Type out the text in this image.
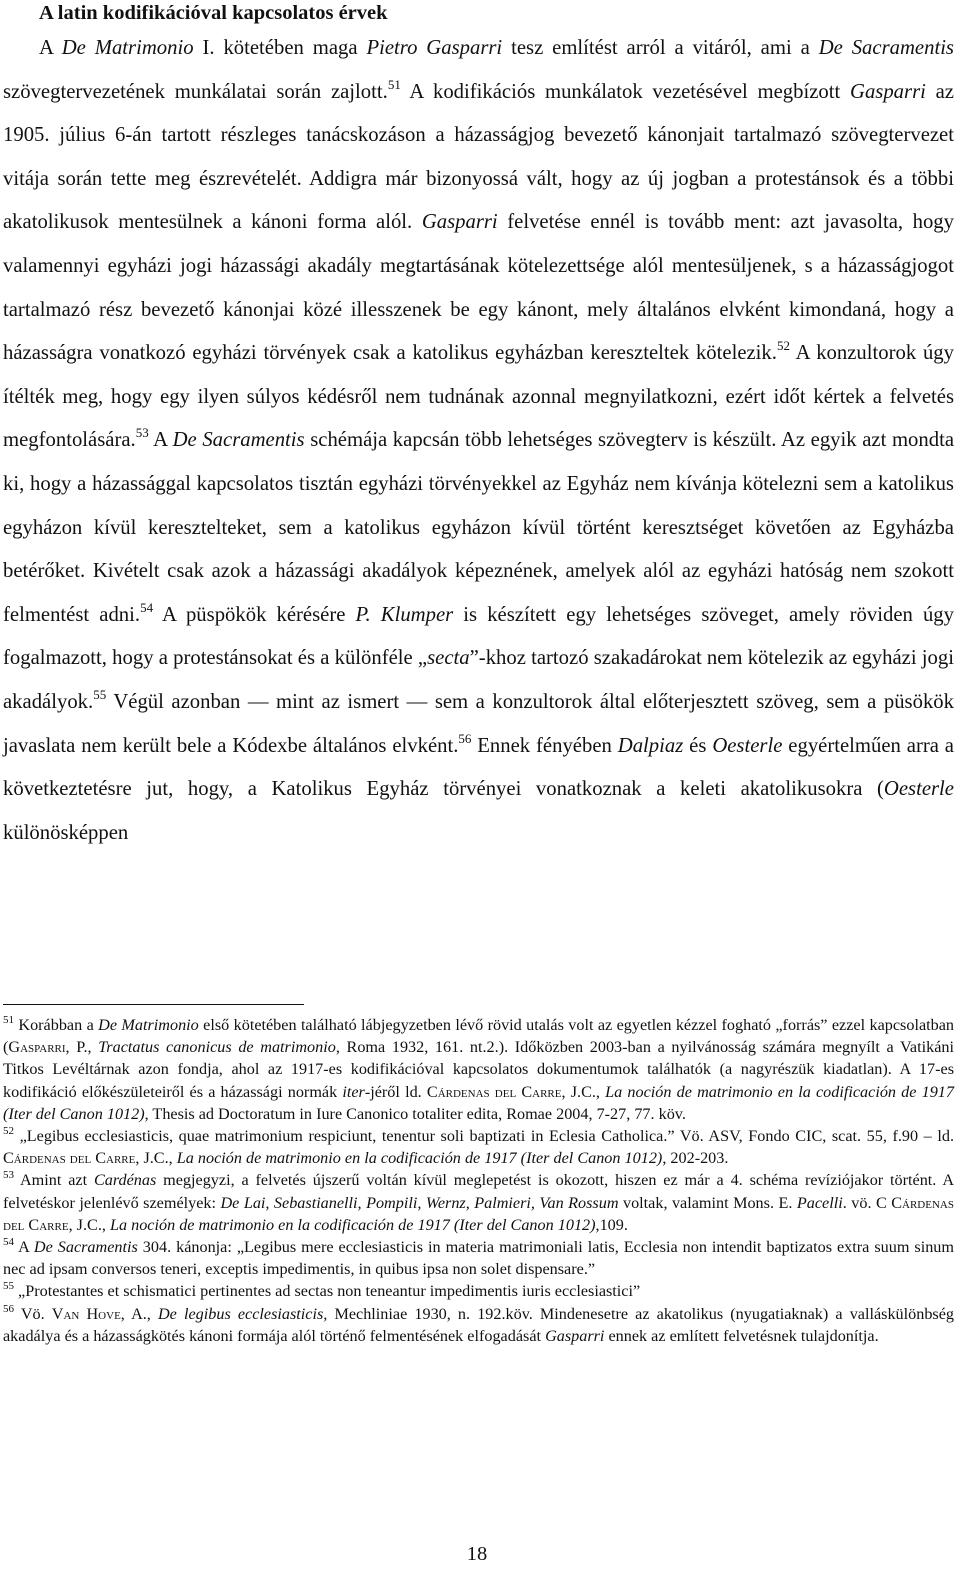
A latin kodifikációval kapcsolatos érvek

A De Matrimonio I. kötetében maga Pietro Gasparri tesz említést arról a vitáról, ami a De Sacramentis szövegtervezetének munkálatai során zajlott.$^{51}$ A kodifikációs munkálatok vezetésével megbízott Gasparri az 1905. július 6-án tartott részleges tanácskozáson a házasságjog bevezető kánonjait tartalmazó szövegtervezet vitája során tette meg észrevételét. Addigra már bizonyossá vált, hogy az új jogban a protestánsok és a többi akatolikusok mentesülnek a kánoni forma alól. Gasparri felvetése ennél is tovább ment: azt javasolta, hogy valamennyi egyházi jogi házassági akadály megtartásának kötelezettsége alól mentesüljenek, s a házasságjogot tartalmazó rész bevezető kánonjai közé illesszenek be egy kánont, mely általános elvként kimondaná, hogy a házasságra vonatkozó egyházi törvények csak a katolikus egyházban kereszteltek kötelezik.$^{52}$ A konzultorok úgy ítélték meg, hogy egy ilyen súlyos kédésről nem tudnának azonnal megnyilatkozni, ezért időt kértek a felvetés megfontolására.$^{53}$ A De Sacramentis schémája kapcsán több lehetséges szövegterv is készült. Az egyik azt mondta ki, hogy a házassággal kapcsolatos tisztán egyházi törvényekkel az Egyház nem kívánja kötelezni sem a katolikus egyházon kívül keresztelteket, sem a katolikus egyházon kívül történt keresztséget követően az Egyházba betérőket. Kivételt csak azok a házassági akadályok képeznének, amelyek alól az egyházi hatóság nem szokott felmentést adni.$^{54}$ A püspökök kérésére P. Klumper is készített egy lehetséges szöveget, amely röviden úgy fogalmazott, hogy a protestánsokat és a különféle „secta”-khoz tartozó szakadárokat nem kötelezik az egyházi jogi akadályok.$^{55}$ Végül azonban — mint az ismert — sem a konzultorok által előterjesztett szöveg, sem a püsökök javaslata nem került bele a Kódexbe általános elvként.$^{56}$ Ennek fényében Dalpiaz és Oesterle egyértelműen arra a következtetésre jut, hogy, a Katolikus Egyház törvényei vonatkoznak a keleti akatolikusokra (Oesterle különösképpen

$^{51}$ Korábban a De Matrimonio első kötetében található lábjegyzetben lévő rövid utalás volt az egyetlen kézzel fogható „forrás” ezzel kapcsolatban (Gasparri, P., Tractatus canonicus de matrimonio, Roma 1932, 161. nt.2.). Időközben 2003-ban a nyilvánosság számára megnyílt a Vatikáni Titkos Levéltárnak azon fondja, ahol az 1917-es kodifikációval kapcsolatos dokumentumok találhatók (a nagyrészük kiadatlan). A 17-es kodifikáció előkészületeiről és a házassági normák iter-jéről ld. Cárdenas del Carre, J.C., La noción de matrimonio en la codificación de 1917 (Iter del Canon 1012), Thesis ad Doctoratum in Iure Canonico totaliter edita, Romae 2004, 7-27, 77. köv.

$^{52}$ „Legibus ecclesiasticis, quae matrimonium respiciunt, tenentur soli baptizati in Eclesia Catholica.” Vö. ASV, Fondo CIC, scat. 55, f.90 – ld. Cárdenas del Carre, J.C., La noción de matrimonio en la codificación de 1917 (Iter del Canon 1012), 202-203.

$^{53}$ Amint azt Cardénas megjegyzi, a felvetés újszerű voltán kívül meglepetést is okozott, hiszen ez már a 4. schéma revíziójakor történt. A felvetéskor jelenlévő személyek: De Lai, Sebastianelli, Pompili, Wernz, Palmieri, Van Rossum voltak, valamint Mons. E. Pacelli. vö. C Cárdenas del Carre, J.C., La noción de matrimonio en la codificación de 1917 (Iter del Canon 1012),109.

$^{54}$ A De Sacramentis 304. kánonja: „Legibus mere ecclesiasticis in materia matrimoniali latis, Ecclesia non intendit baptizatos extra suum sinum nec ad ipsam conversos teneri, exceptis impedimentis, in quibus ipsa non solet dispensare.”

$^{55}$ „Protestantes et schismatici pertinentes ad sectas non teneantur impedimentis iuris ecclesiastici”

$^{56}$ Vö. Van Hove, A., De legibus ecclesiasticis, Mechliniae 1930, n. 192.köv. Mindenesetre az akatolikus (nyugatiaknak) a valláskülönbség akadálya és a házasságkötés kánoni formája alól történő felmentésének elfogadását Gasparri ennek az említett felvetésnek tulajdonítja.

18
